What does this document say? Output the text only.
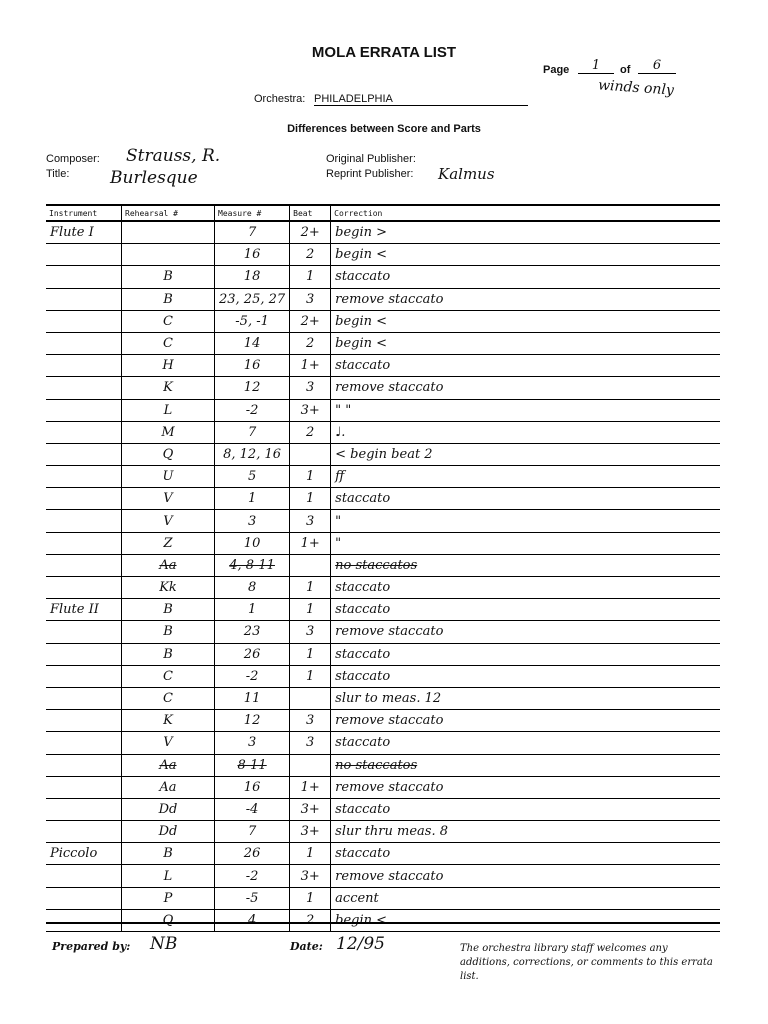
MOLA ERRATA LIST
Page	1	of	6
winds only
Orchestra: PHILADELPHIA
Differences between Score and Parts
Composer: Strauss, R.
Title: Burlesque
Original Publisher:
Reprint Publisher: Kalmus
Instrument	Rehearsal #	Measure #	Beat	Correction
Flute I		7	2+	begin >
		16	2	begin <
	B	18	1	staccato
	B	23, 25, 27	3	remove staccato
	C	-5, -1	2+	begin <
	C	14	2	begin <
	H	16	1+	staccato
	K	12	3	remove staccato
	L	-2	3+	" "
	M	7	2	♩.
	Q	8, 12, 16		< begin beat 2
	U	5	1	ff
	V	1	1	staccato
	V	3	3	"
	Z	10	1+	"
	Aa	4, 8-11		no staccatos
	Kk	8	1	staccato
Flute II	B	1	1	staccato
	B	23	3	remove staccato
	B	26	1	staccato
	C	-2	1	staccato
	C	11		slur to meas. 12
	K	12	3	remove staccato
	V	3	3	staccato
	Aa	8-11		no staccatos
	Aa	16	1+	remove staccato
	Dd	-4	3+	staccato
	Dd	7	3+	slur thru meas. 8
Piccolo	B	26	1	staccato
	L	-2	3+	remove staccato
	P	-5	1	accent
	Q	4	2	begin <
Prepared by: NB	Date: 12/95	The orchestra library staff welcomes any additions, corrections, or comments to this errata list.
